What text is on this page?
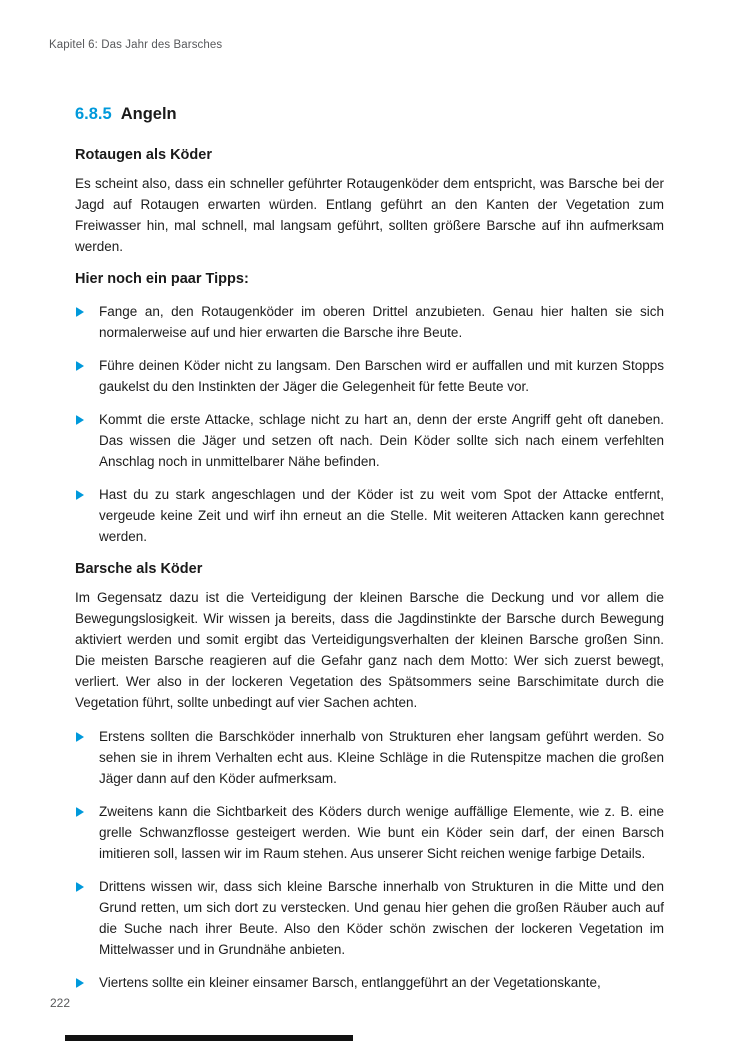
Kapitel 6: Das Jahr des Barsches
6.8.5 Angeln
Rotaugen als Köder

Es scheint also, dass ein schneller geführter Rotaugenköder dem entspricht, was Barsche bei der Jagd auf Rotaugen erwarten würden. Entlang geführt an den Kanten der Vegetation zum Freiwasser hin, mal schnell, mal langsam geführt, sollten größere Barsche auf ihn aufmerksam werden.

Hier noch ein paar Tipps:
Fange an, den Rotaugenköder im oberen Drittel anzubieten. Genau hier halten sie sich normalerweise auf und hier erwarten die Barsche ihre Beute.
Führe deinen Köder nicht zu langsam. Den Barschen wird er auffallen und mit kurzen Stopps gaukelst du den Instinkten der Jäger die Gelegenheit für fette Beute vor.
Kommt die erste Attacke, schlage nicht zu hart an, denn der erste Angriff geht oft daneben. Das wissen die Jäger und setzen oft nach. Dein Köder sollte sich nach einem verfehlten Anschlag noch in unmittelbarer Nähe befinden.
Hast du zu stark angeschlagen und der Köder ist zu weit vom Spot der Attacke entfernt, vergeude keine Zeit und wirf ihn erneut an die Stelle. Mit weiteren Attacken kann gerechnet werden.
Barsche als Köder

Im Gegensatz dazu ist die Verteidigung der kleinen Barsche die Deckung und vor allem die Bewegungslosigkeit. Wir wissen ja bereits, dass die Jagdinstinkte der Barsche durch Bewegung aktiviert werden und somit ergibt das Verteidigungsverhalten der kleinen Barsche großen Sinn. Die meisten Barsche reagieren auf die Gefahr ganz nach dem Motto: Wer sich zuerst bewegt, verliert. Wer also in der lockeren Vegetation des Spätsommers seine Barschimitate durch die Vegetation führt, sollte unbedingt auf vier Sachen achten.

Erstens sollten die Barschköder innerhalb von Strukturen eher langsam geführt werden. So sehen sie in ihrem Verhalten echt aus. Kleine Schläge in die Rutenspitze machen die großen Jäger dann auf den Köder aufmerksam.
Zweitens kann die Sichtbarkeit des Köders durch wenige auffällige Elemente, wie z. B. eine grelle Schwanzflosse gesteigert werden. Wie bunt ein Köder sein darf, der einen Barsch imitieren soll, lassen wir im Raum stehen. Aus unserer Sicht reichen wenige farbige Details.
Drittens wissen wir, dass sich kleine Barsche innerhalb von Strukturen in die Mitte und den Grund retten, um sich dort zu verstecken. Und genau hier gehen die großen Räuber auch auf die Suche nach ihrer Beute. Also den Köder schön zwischen der lockeren Vegetation im Mittelwasser und in Grundnähe anbieten.
Viertens sollte ein kleiner einsamer Barsch, entlanggeführt an der Vegetationskante,
222
